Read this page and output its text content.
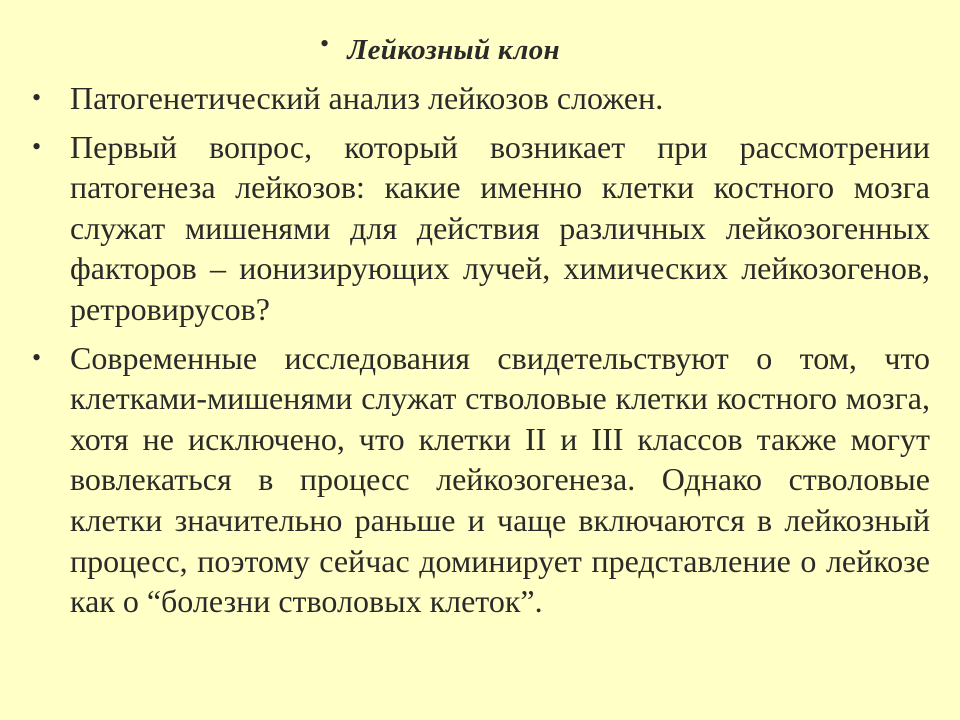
• Лейкозный клон
• Патогенетический анализ лейкозов сложен.
• Первый вопрос, который возникает при рассмотрении патогенеза лейкозов: какие именно клетки костного мозга служат мишенями для действия различных лейкозогенных факторов – ионизирующих лучей, химических лейкозогенов, ретровирусов?
• Современные исследования свидетельствуют о том, что клетками-мишенями служат стволовые клетки костного мозга, хотя не исключено, что клетки II и III классов также могут вовлекаться в процесс лейкозогенеза. Однако стволовые клетки значительно раньше и чаще включаются в лейкозный процесс, поэтому сейчас доминирует представление о лейкозе как о “болезни стволовых клеток”.
